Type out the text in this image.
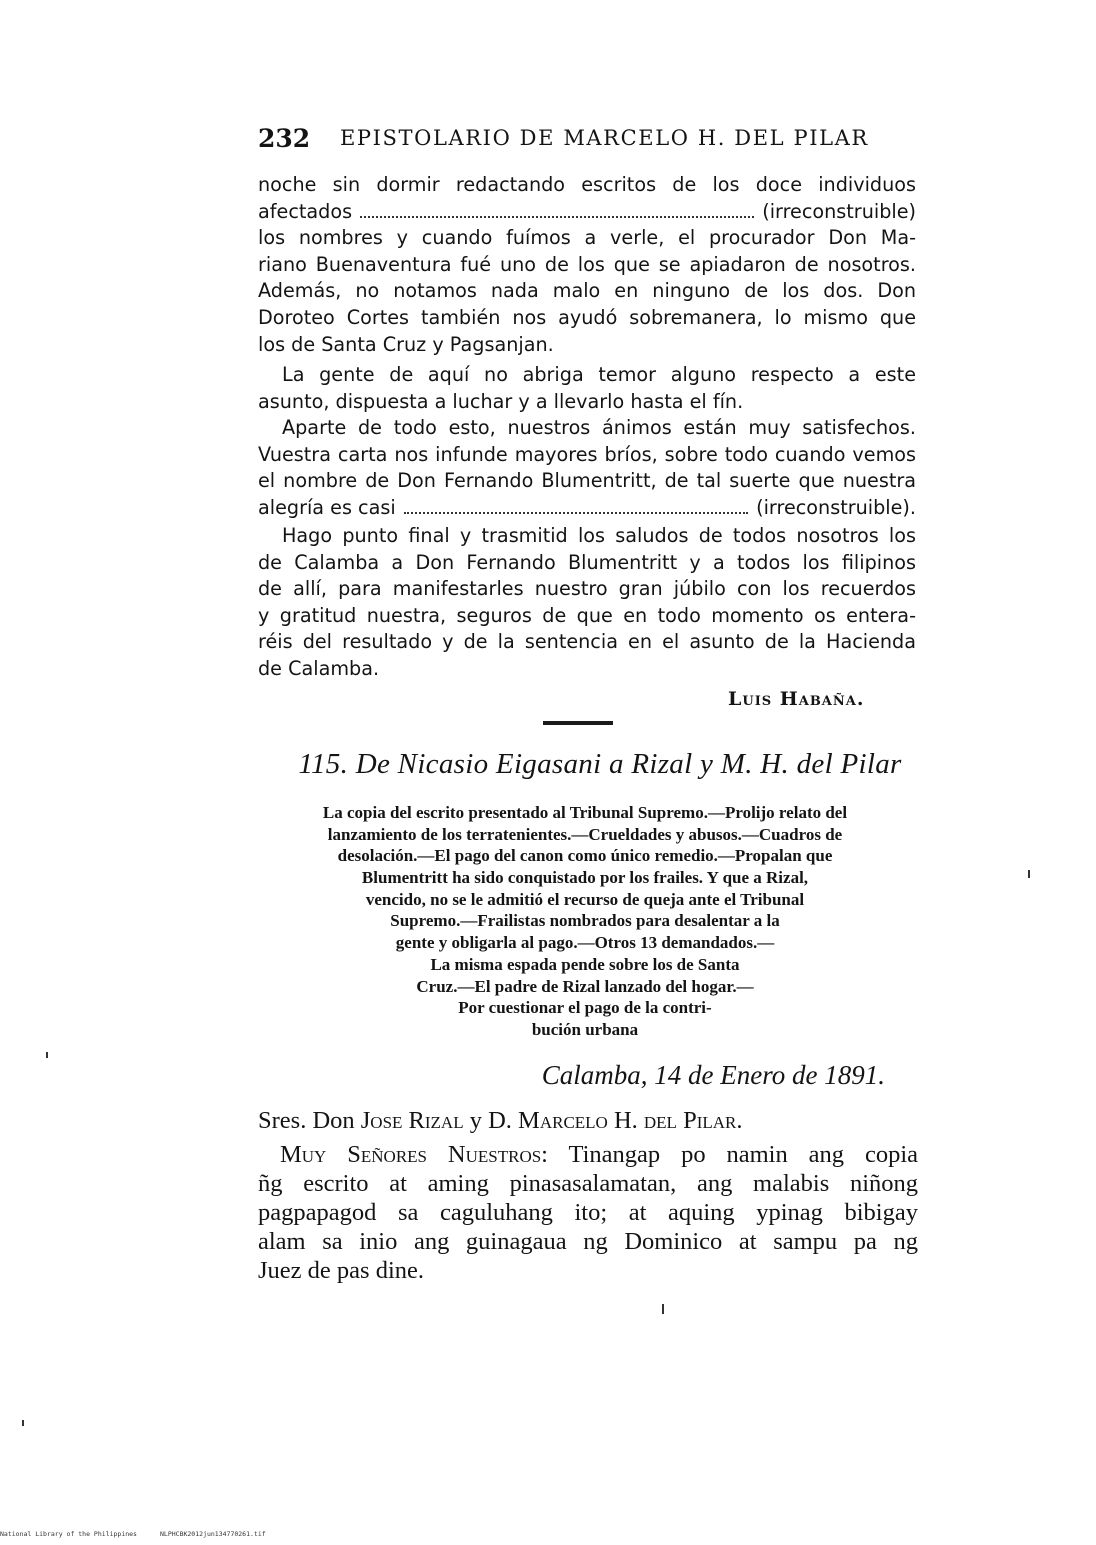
232 EPISTOLARIO DE MARCELO H. DEL PILAR
noche sin dormir redactando escritos de los doce individuos
afectados	(irreconstruible)
los nombres y cuando fuímos a verle, el procurador Don Ma-
riano Buenaventura fué uno de los que se apiadaron de nosotros.
Además, no notamos nada malo en ninguno de los dos. Don
Doroteo Cortes también nos ayudó sobremanera, lo mismo que
los de Santa Cruz y Pagsanjan.
La gente de aquí no abriga temor alguno respecto a este
asunto, dispuesta a luchar y a llevarlo hasta el fín.
Aparte de todo esto, nuestros ánimos están muy satisfechos.
Vuestra carta nos infunde mayores bríos, sobre todo cuando vemos
el nombre de Don Fernando Blumentritt, de tal suerte que nuestra
alegría es casi	(irreconstruible).
Hago punto final y trasmitid los saludos de todos nosotros los
de Calamba a Don Fernando Blumentritt y a todos los filipinos
de allí, para manifestarles nuestro gran júbilo con los recuerdos
y gratitud nuestra, seguros de que en todo momento os entera-
réis del resultado y de la sentencia en el asunto de la Hacienda
de Calamba.
Luis Habaña.
115. De Nicasio Eigasani a Rizal y M. H. del Pilar
La copia del escrito presentado al Tribunal Supremo.—Prolijo relato del
lanzamiento de los terratenientes.—Crueldades y abusos.—Cuadros de
desolación.—El pago del canon como único remedio.—Propalan que
Blumentritt ha sido conquistado por los frailes. Y que a Rizal,
vencido, no se le admitió el recurso de queja ante el Tribunal
Supremo.—Frailistas nombrados para desalentar a la
gente y obligarla al pago.—Otros 13 demandados.—
La misma espada pende sobre los de Santa
Cruz.—El padre de Rizal lanzado del hogar.—
Por cuestionar el pago de la contri-
bución urbana
Calamba, 14 de Enero de 1891.
Sres. Don Jose Rizal y D. Marcelo H. del Pilar.
Muy Señores Nuestros: Tinangap po namin ang copia
ñg escrito at aming pinasasalamatan, ang malabis niñong
pagpapagod sa caguluhang ito; at aquing ypinag bibigay
alam sa inio ang guinagaua ng Dominico at sampu pa ng
Juez de pas dine.
National Library of the Philippines	NLPHCBK2012jun134770261.tif
